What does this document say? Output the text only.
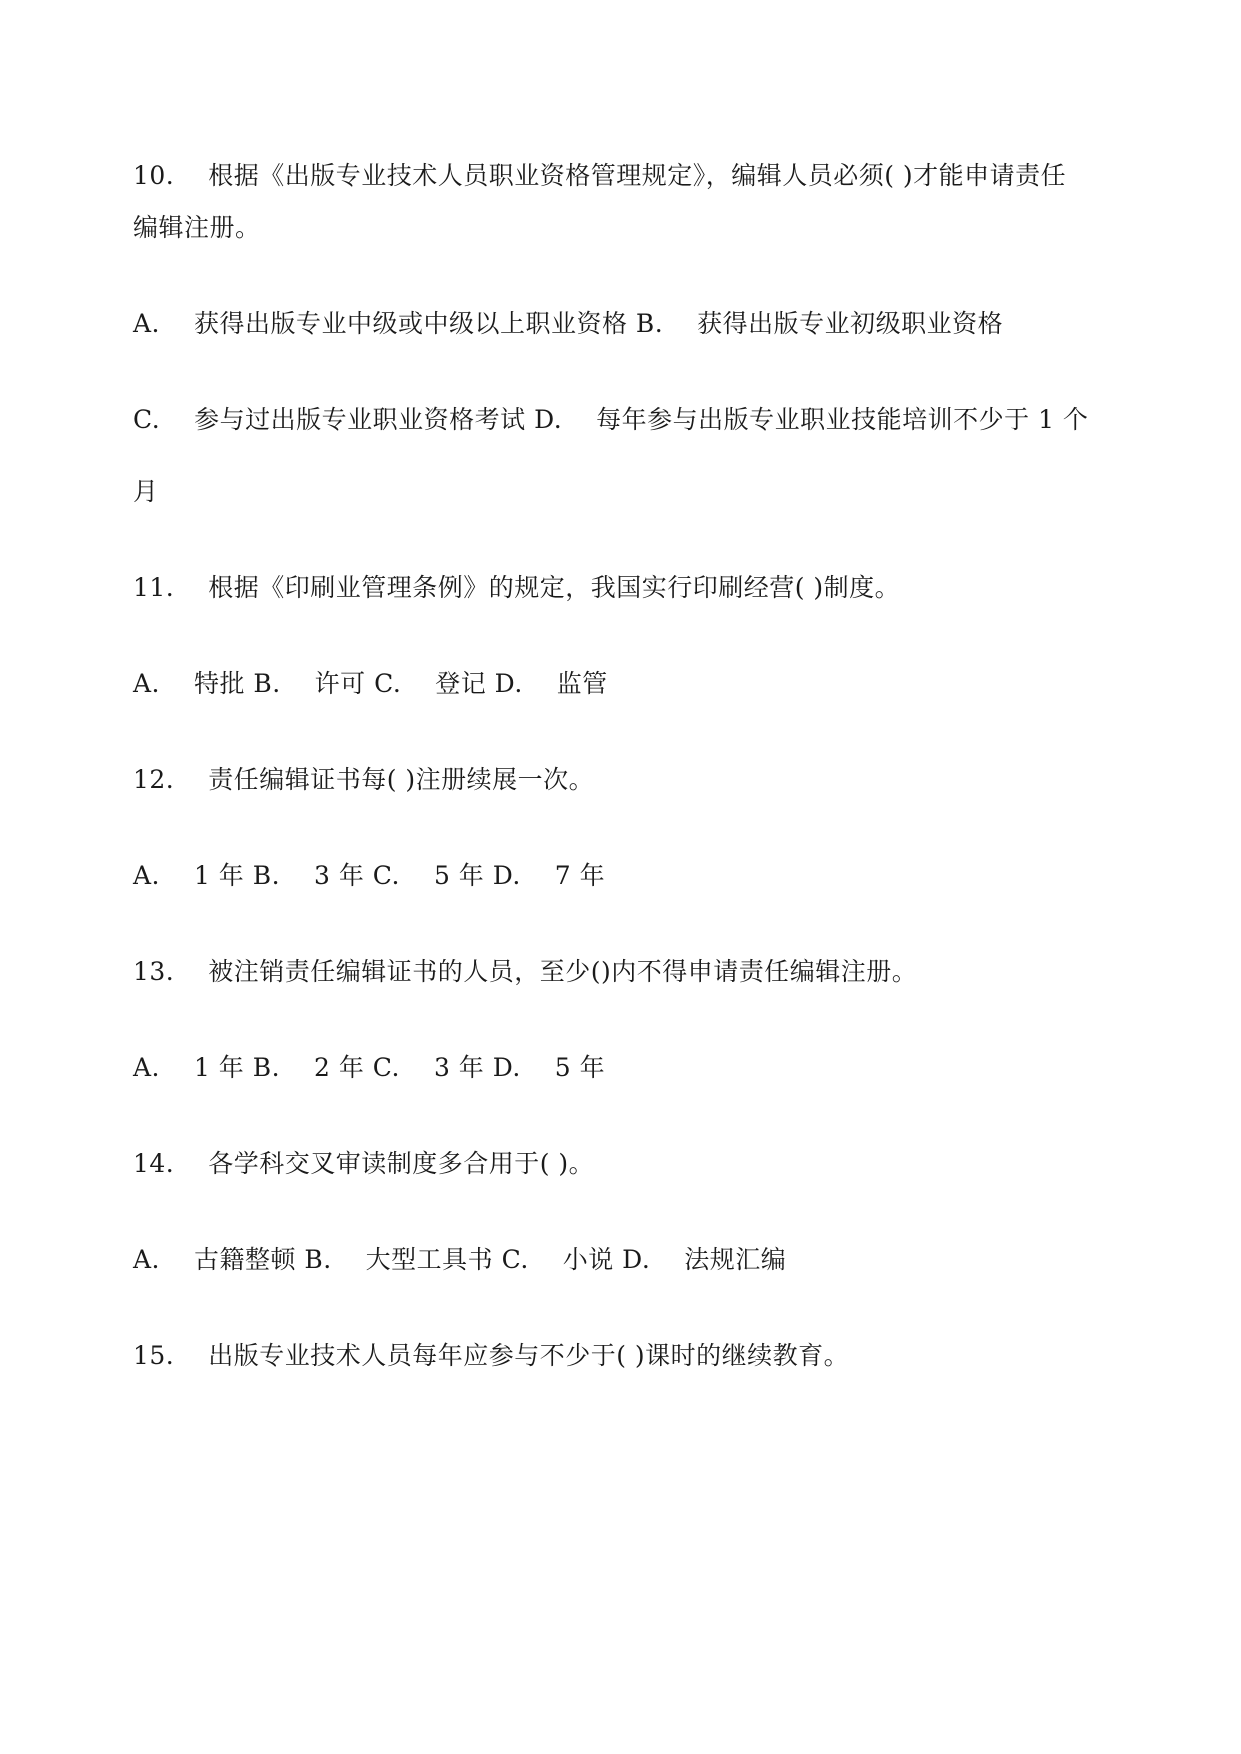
10.　 根据《出版专业技术人员职业资格管理规定》，编辑人员必须( )才能申请责任
编辑注册。
A.　 获得出版专业中级或中级以上职业资格 B.　 获得出版专业初级职业资格
C.　 参与过出版专业职业资格考试 D.　 每年参与出版专业职业技能培训不少于 1 个
月
11.　 根据《印刷业管理条例》的规定，我国实行印刷经营( )制度。
A.　 特批 B.　 许可 C.　 登记 D.　 监管
12.　 责任编辑证书每( )注册续展一次。
A.　 1 年 B.　 3 年 C.　 5 年 D.　 7 年
13.　 被注销责任编辑证书的人员，至少()内不得申请责任编辑注册。
A.　 1 年 B.　 2 年 C.　 3 年 D.　 5 年
14.　 各学科交叉审读制度多合用于( )。
A.　 古籍整顿 B.　 大型工具书 C.　 小说 D.　 法规汇编
15.　 出版专业技术人员每年应参与不少于( )课时的继续教育。
